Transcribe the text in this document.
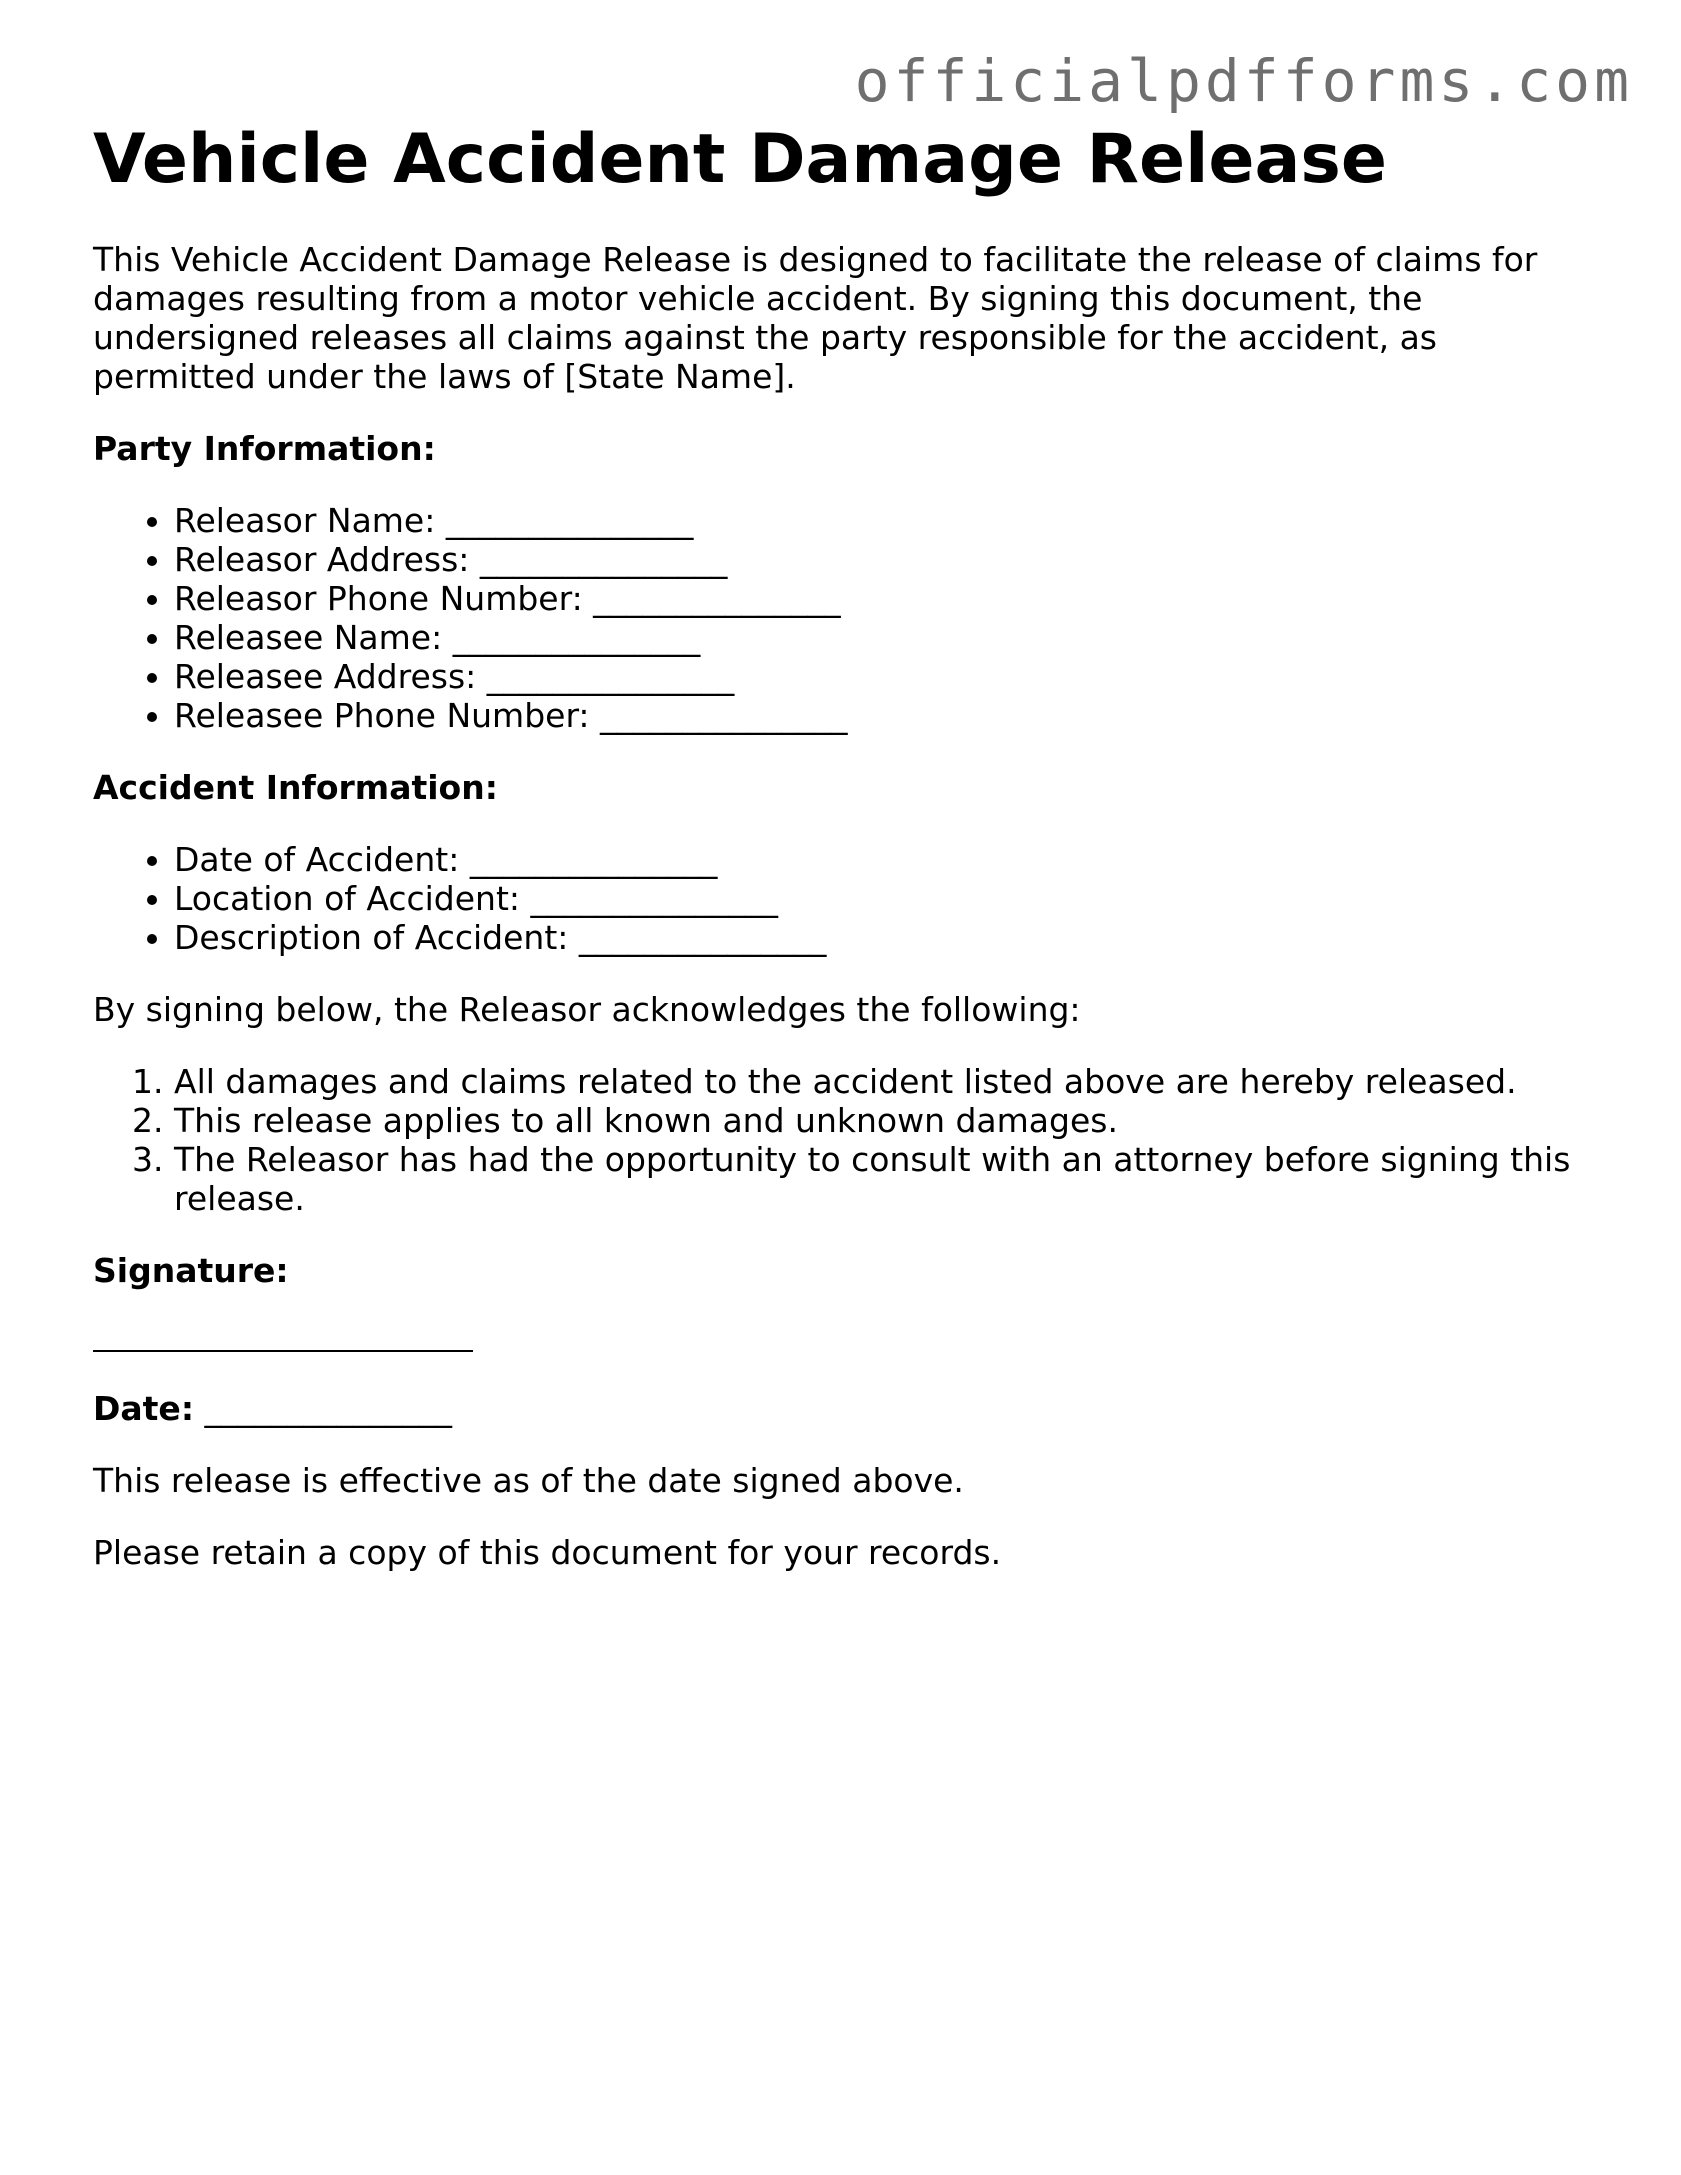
officialpdfforms.com
Vehicle Accident Damage Release

This Vehicle Accident Damage Release is designed to facilitate the release of claims for damages resulting from a motor vehicle accident. By signing this document, the undersigned releases all claims against the party responsible for the accident, as permitted under the laws of [State Name].

Party Information:

• Releasor Name: _______________
• Releasor Address: _______________
• Releasor Phone Number: _______________
• Releasee Name: _______________
• Releasee Address: _______________
• Releasee Phone Number: _______________

Accident Information:

• Date of Accident: _______________
• Location of Accident: _______________
• Description of Accident: _______________

By signing below, the Releasor acknowledges the following:

1. All damages and claims related to the accident listed above are hereby released.
2. This release applies to all known and unknown damages.
3. The Releasor has had the opportunity to consult with an attorney before signing this release.

Signature:

Date: _______________

This release is effective as of the date signed above.

Please retain a copy of this document for your records.
